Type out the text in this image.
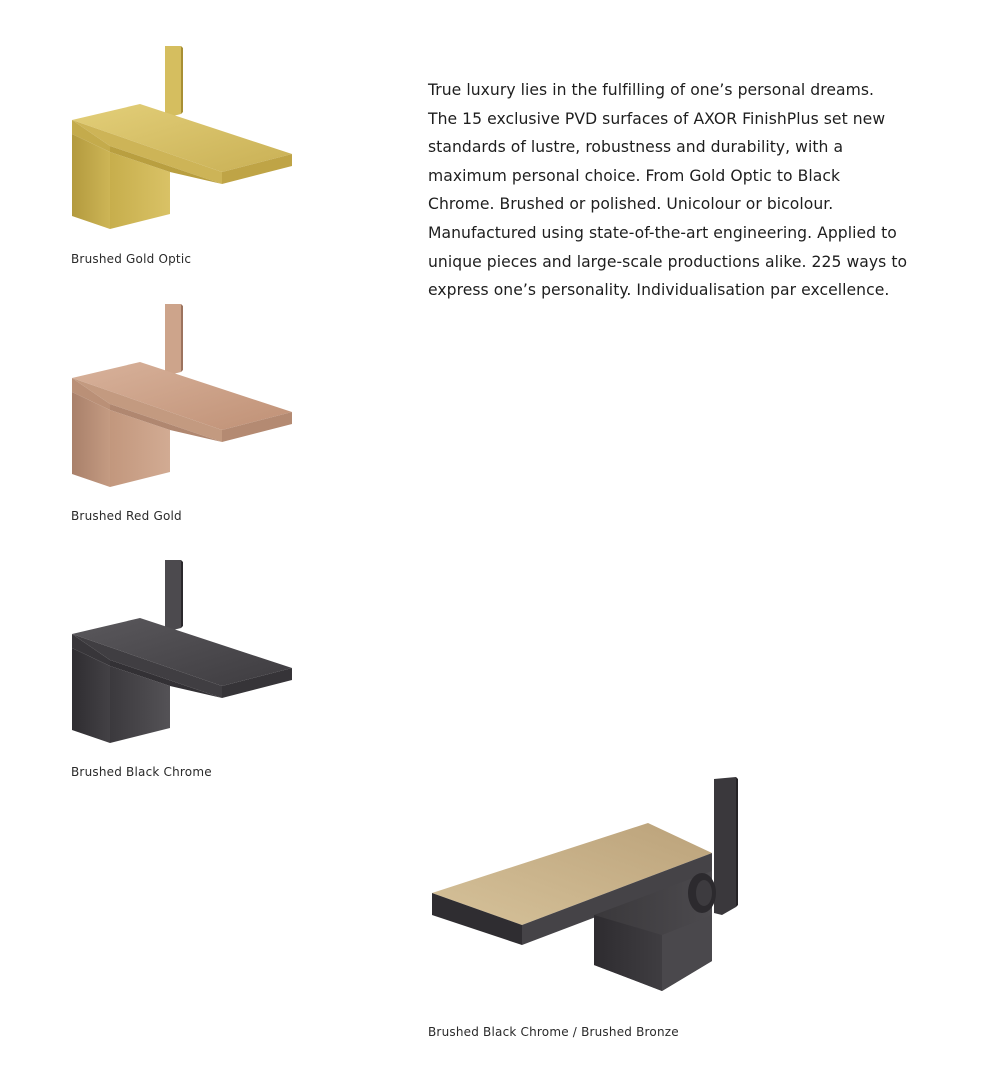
Brushed Gold Optic
Brushed Red Gold
Brushed Black Chrome

True luxury lies in the fulfilling of one’s personal dreams. The 15 exclusive PVD surfaces of AXOR FinishPlus set new standards of lustre, robustness and durability, with a maximum personal choice. From Gold Optic to Black Chrome. Brushed or polished. Unicolour or bicolour. Manufactured using state-of-the-art engineering. Applied to unique pieces and large-scale productions alike. 225 ways to express one’s personality. Individualisation par excellence.

Brushed Black Chrome / Brushed Bronze
